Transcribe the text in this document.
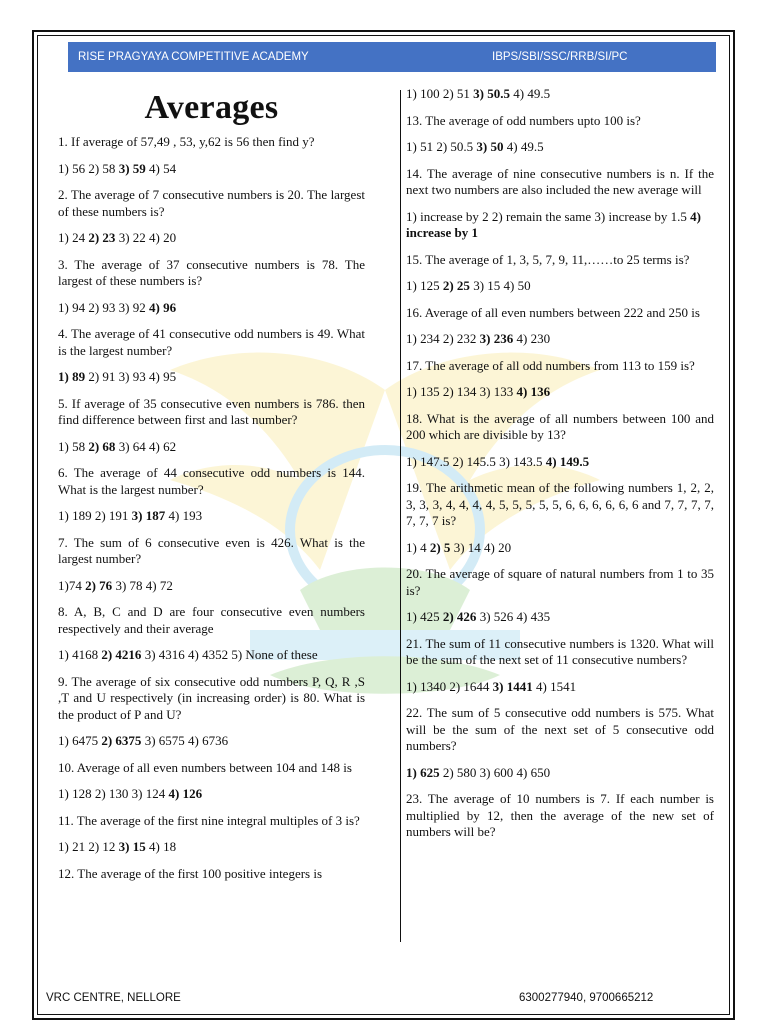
RISE PRAGYAYA COMPETITIVE ACADEMY	IBPS/SBI/SSC/RRB/SI/PC
Averages
1. If average of 57,49 , 53, y,62 is 56 then find y?
1) 56 2) 58 3) 59 4) 54
2. The average of 7 consecutive numbers is 20. The largest of these numbers is?
1) 24 2) 23 3) 22 4) 20
3. The average of 37 consecutive numbers is 78. The largest of these numbers is?
1) 94 2) 93 3) 92 4) 96
4. The average of 41 consecutive odd numbers is 49. What is the largest number?
1) 89 2) 91 3) 93 4) 95
5. If average of 35 consecutive even numbers is 786. then find difference between first and last number?
1) 58 2) 68 3) 64 4) 62
6. The average of 44 consecutive odd numbers is 144. What is the largest number?
1) 189 2) 191 3) 187 4) 193
7. The sum of 6 consecutive even is 426. What is the largest number?
1)74 2) 76 3) 78 4) 72
8. A, B, C and D are four consecutive even numbers respectively and their average
1) 4168 2) 4216 3) 4316 4) 4352 5) None of these
9. The average of six consecutive odd numbers P, Q, R ,S ,T and U respectively (in increasing order) is 80. What is the product of P and U?
1) 6475 2) 6375 3) 6575 4) 6736
10. Average of all even numbers between 104 and 148 is
1) 128 2) 130 3) 124 4) 126
11. The average of the first nine integral multiples of 3 is?
1) 21 2) 12 3) 15 4) 18
12. The average of the first 100 positive integers is
1) 100 2) 51 3) 50.5 4) 49.5
13. The average of odd numbers upto 100 is?
1) 51 2) 50.5 3) 50 4) 49.5
14. The average of nine consecutive numbers is n. If the next two numbers are also included the new average will
1) increase by 2 2) remain the same 3) increase by 1.5 4) increase by 1
15. The average of 1, 3, 5, 7, 9, 11,……to 25 terms is?
1) 125 2) 25 3) 15 4) 50
16. Average of all even numbers between 222 and 250 is
1) 234 2) 232 3) 236 4) 230
17. The average of all odd numbers from 113 to 159 is?
1) 135 2) 134 3) 133 4) 136
18. What is the average of all numbers between 100 and 200 which are divisible by 13?
1) 147.5 2) 145.5 3) 143.5 4) 149.5
19. The arithmetic mean of the following numbers 1, 2, 2, 3, 3, 3, 4, 4, 4, 4, 5, 5, 5, 5, 5, 6, 6, 6, 6, 6, 6 and 7, 7, 7, 7, 7, 7, 7 is?
1) 4 2) 5 3) 14 4) 20
20. The average of square of natural numbers from 1 to 35 is?
1) 425 2) 426 3) 526 4) 435
21. The sum of 11 consecutive numbers is 1320. What will be the sum of the next set of 11 consecutive numbers?
1) 1340 2) 1644 3) 1441 4) 1541
22. The sum of 5 consecutive odd numbers is 575. What will be the sum of the next set of 5 consecutive odd numbers?
1) 625 2) 580 3) 600 4) 650
23. The average of 10 numbers is 7. If each number is multiplied by 12, then the average of the new set of numbers will be?
VRC CENTRE, NELLORE	6300277940, 9700665212
